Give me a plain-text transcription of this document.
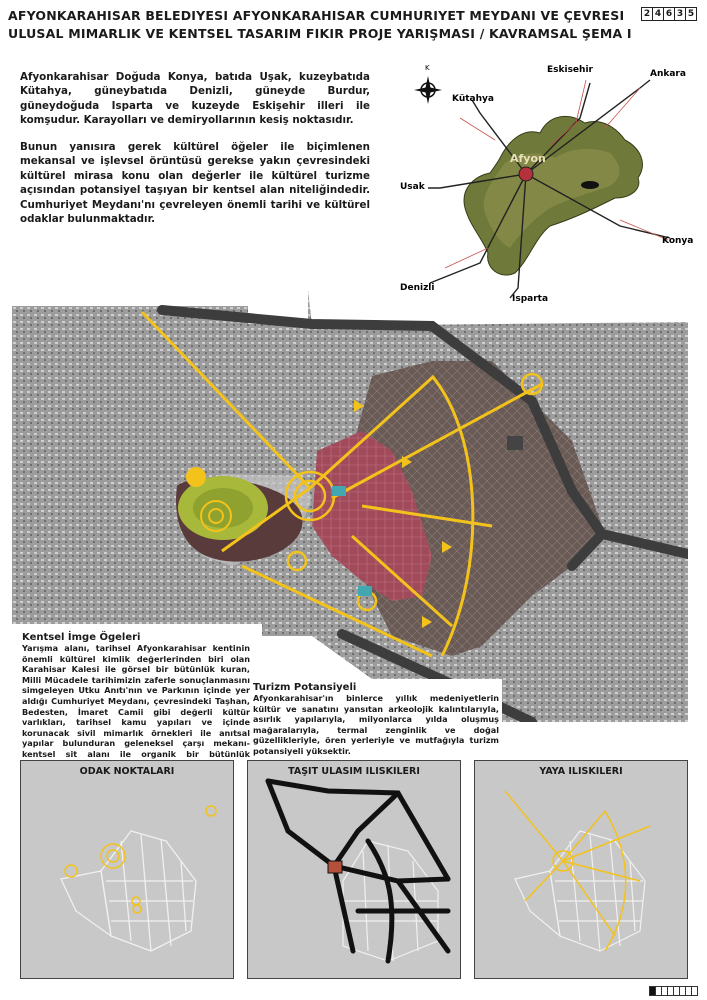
AFYONKARAHISAR BELEDIYESI AFYONKARAHISAR CUMHURIYET MEYDANI VE ÇEVRESI
ULUSAL MIMARLIK VE KENTSEL TASARIM FIKIR PROJE YARIŞMASI / KAVRAMSAL ŞEMA I
2 4 6 3 5
Afyonkarahisar Doğuda Konya, batıda Uşak, kuzeybatıda Kütahya, güneybatıda Denizli, güneyde Burdur, güneydoğuda Isparta ve kuzeyde Eskişehir illeri ile komşudur. Karayolları ve demiryollarının kesiş noktasıdır.
Bunun yanısıra gerek kültürel öğeler ile biçimlenen mekansal ve işlevsel örüntüsü gerekse yakın çevresindeki kültürel mirasa konu olan değerler ile kültürel turizme açısından potansiyel taşıyan bir kentsel alan niteliğindedir. Cumhuriyet Meydanı'nı çevreleyen önemli tarihi ve kültürel odaklar bulunmaktadır.
K
Afyon
Eskisehir	Ankara
Kütahya
Usak
Konya
Denizli
Isparta
Kentsel İmge Ögeleri

Yarışma alanı, tarihsel Afyonkarahisar kentinin önemli kültürel kimlik değerlerinden biri olan Karahisar Kalesi ile görsel bir bütünlük kuran, Milli Mücadele tarihimizin zaferle sonuçlanmasını simgeleyen Utku Anıtı'nın ve Parkının içinde yer aldığı Cumhuriyet Meydanı, çevresindeki Taşhan, Bedesten, İmaret Camii gibi değerli kültür varlıkları, tarihsel kamu yapıları ve içinde korunacak sivil mimarlık örnekleri ile anıtsal yapılar bulunduran geleneksel çarşı mekanı- kentsel sit alanı ile organik bir bütünlük

Turizm Potansiyeli

Afyonkarahisar'ın binlerce yıllık medeniyetlerin kültür ve sanatını yansıtan arkeolojik kalıntılarıyla, asırlık yapılarıyla, milyonlarca yılda oluşmuş mağaralarıyla, termal zenginlik ve doğal güzellikleriyle, ören yerleriyle ve mutfağıyla turizm potansiyeli yüksektir.

ODAK NOKTALARI	TAŞIT ULASIM ILISKILERI	YAYA ILISKILERI
